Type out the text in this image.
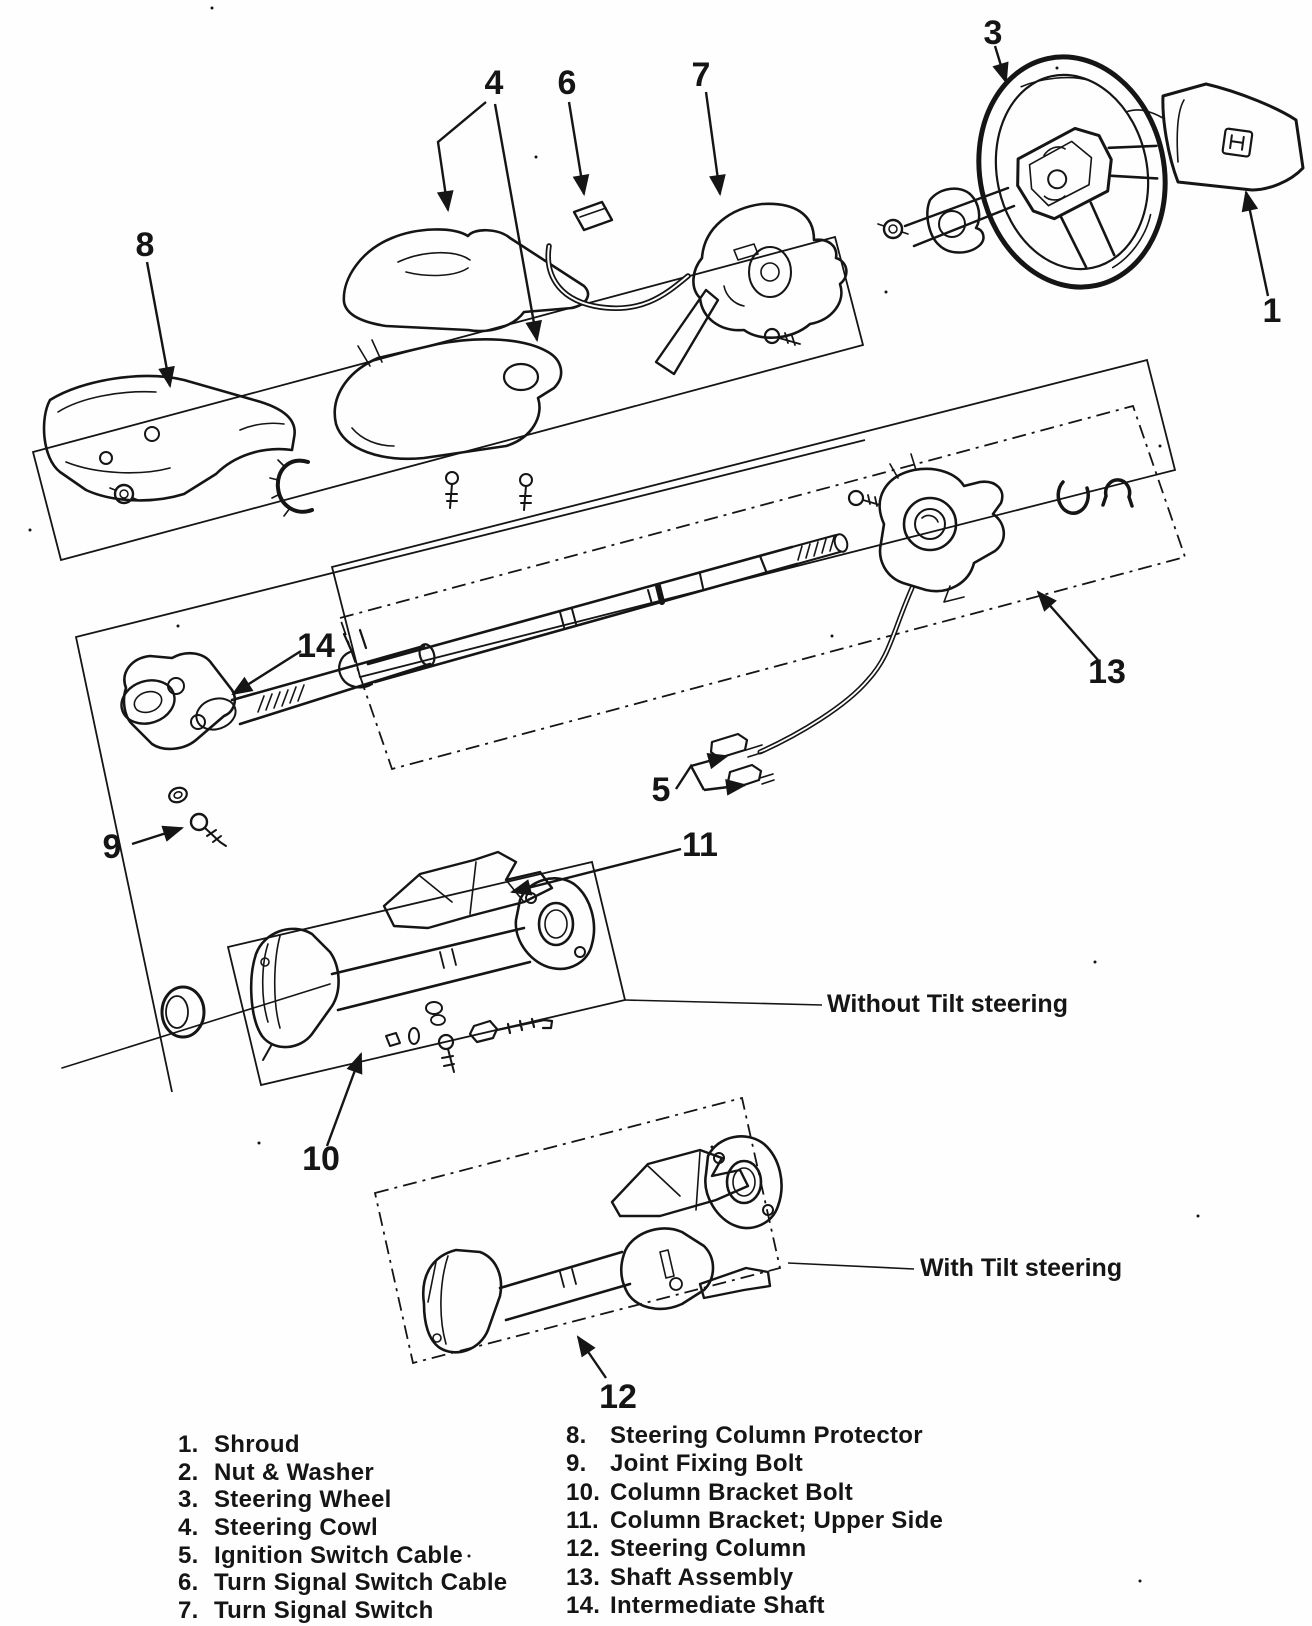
1
3
4 6	7
8
14
13
5
9	11
10
12
Without Tilt steering
With Tilt steering
1. Shroud
2. Nut & Washer
3. Steering Wheel
4. Steering Cowl
5. Ignition Switch Cable
6. Turn Signal Switch Cable
7. Turn Signal Switch
8. Steering Column Protector
9. Joint Fixing Bolt
10. Column Bracket Bolt
11. Column Bracket; Upper Side
12. Steering Column
13. Shaft Assembly
14. Intermediate Shaft
